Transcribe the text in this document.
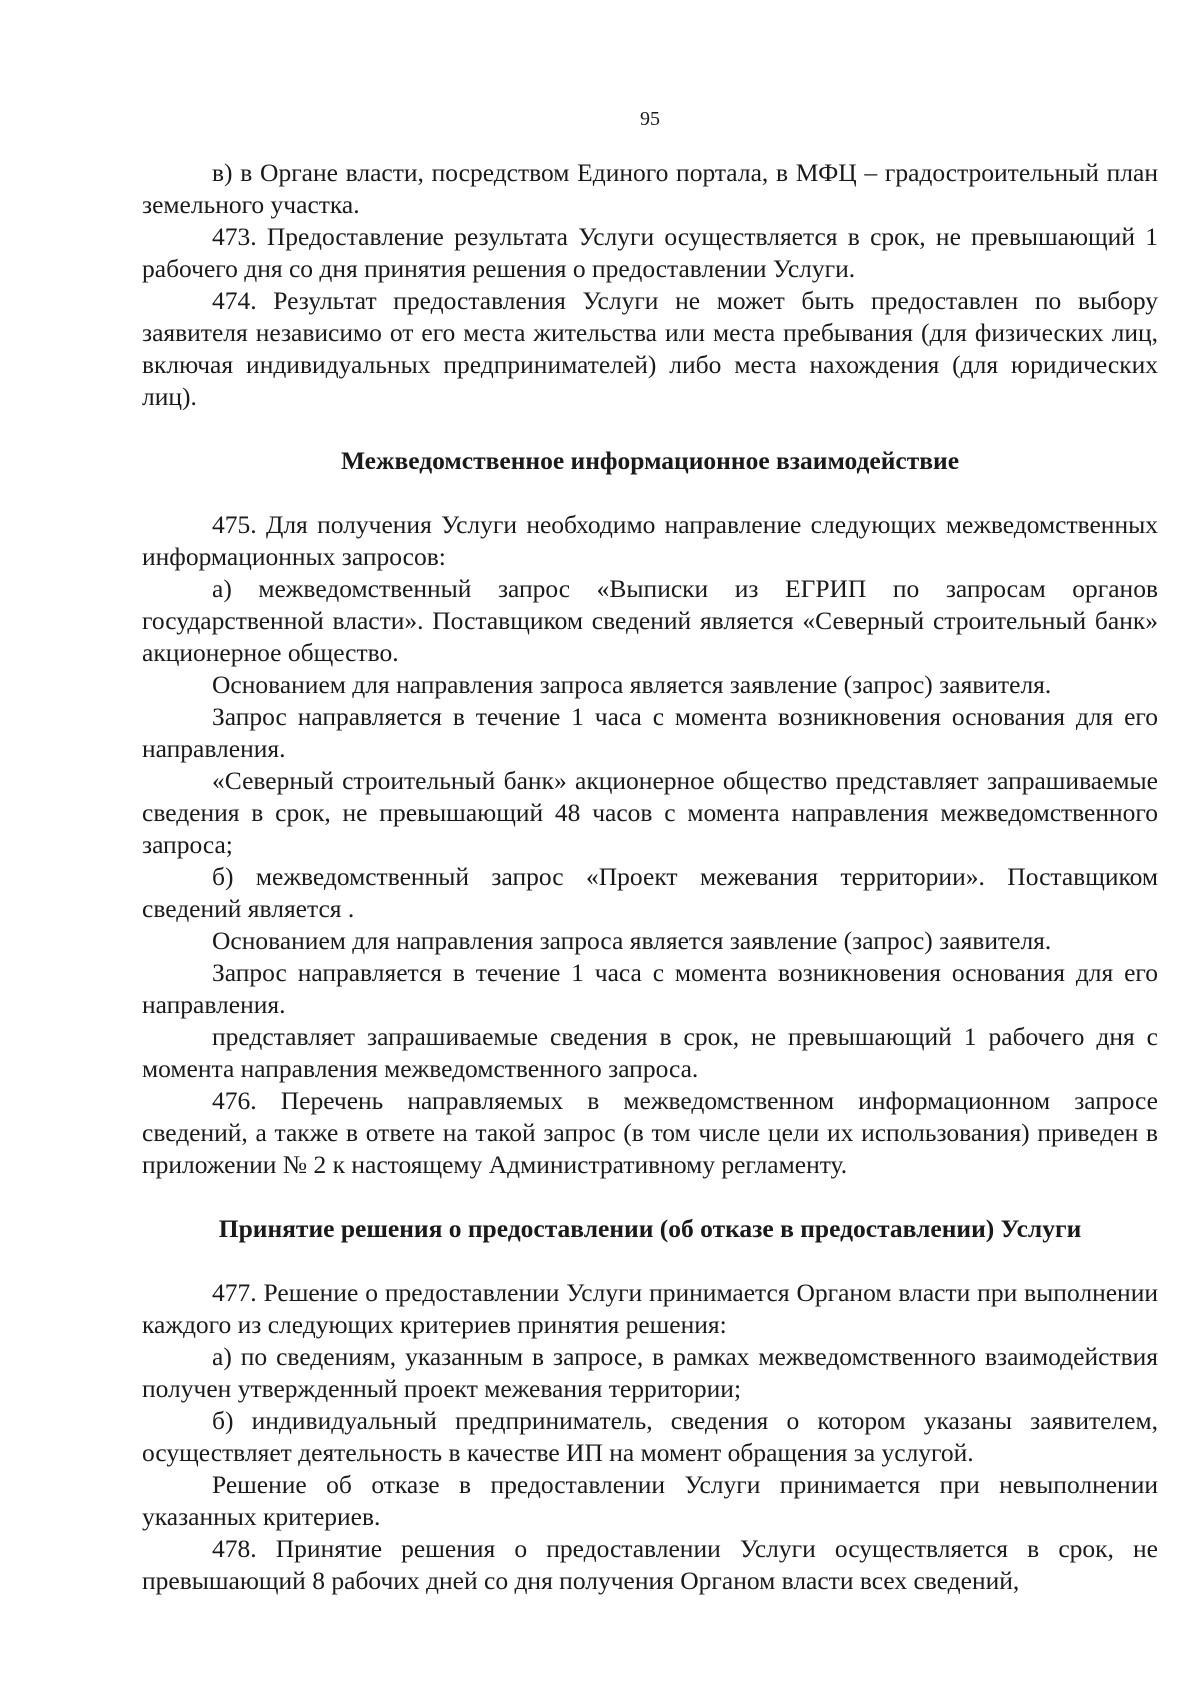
95

в) в Органе власти, посредством Единого портала, в МФЦ – градостроительный план земельного участка.

473. Предоставление результата Услуги осуществляется в срок, не превышающий 1 рабочего дня со дня принятия решения о предоставлении Услуги.

474. Результат предоставления Услуги не может быть предоставлен по выбору заявителя независимо от его места жительства или места пребывания (для физических лиц, включая индивидуальных предпринимателей) либо места нахождения (для юридических лиц).

Межведомственное информационное взаимодействие

475. Для получения Услуги необходимо направление следующих межведомственных информационных запросов:

а) межведомственный запрос «Выписки из ЕГРИП по запросам органов государственной власти». Поставщиком сведений является «Северный строительный банк» акционерное общество.

Основанием для направления запроса является заявление (запрос) заявителя.

Запрос направляется в течение 1 часа с момента возникновения основания для его направления.

«Северный строительный банк» акционерное общество представляет запрашиваемые сведения в срок, не превышающий 48 часов с момента направления межведомственного запроса;

б) межведомственный запрос «Проект межевания территории». Поставщиком сведений является .

Основанием для направления запроса является заявление (запрос) заявителя.

Запрос направляется в течение 1 часа с момента возникновения основания для его направления.

представляет запрашиваемые сведения в срок, не превышающий 1 рабочего дня с момента направления межведомственного запроса.

476. Перечень направляемых в межведомственном информационном запросе сведений, а также в ответе на такой запрос (в том числе цели их использования) приведен в приложении № 2 к настоящему Административному регламенту.

Принятие решения о предоставлении (об отказе в предоставлении) Услуги

477. Решение о предоставлении Услуги принимается Органом власти при выполнении каждого из следующих критериев принятия решения:

а) по сведениям, указанным в запросе, в рамках межведомственного взаимодействия получен утвержденный проект межевания территории;

б) индивидуальный предприниматель, сведения о котором указаны заявителем, осуществляет деятельность в качестве ИП на момент обращения за услугой.

Решение об отказе в предоставлении Услуги принимается при невыполнении указанных критериев.

478. Принятие решения о предоставлении Услуги осуществляется в срок, не превышающий 8 рабочих дней со дня получения Органом власти всех сведений,
